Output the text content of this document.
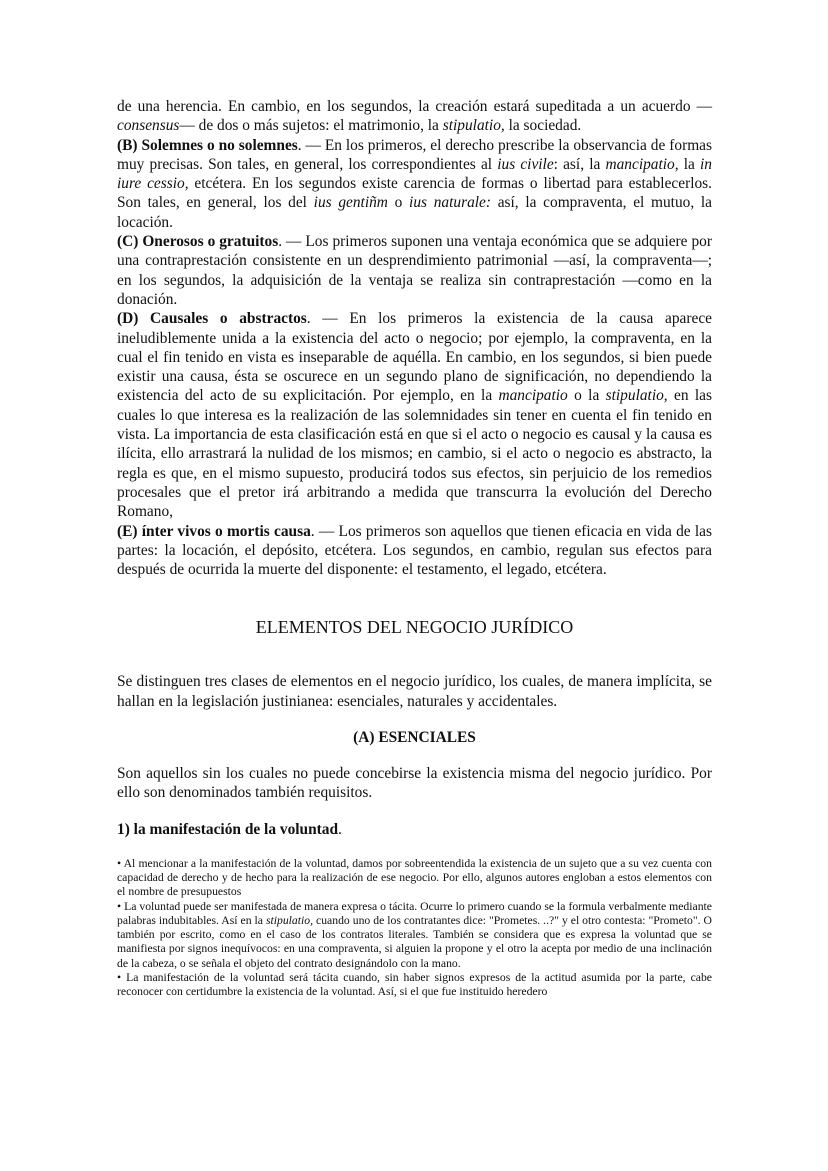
de una herencia. En cambio, en los segundos, la creación estará supeditada a un acuerdo —consensus— de dos o más sujetos: el matrimonio, la stipulatio, la sociedad.

(B) Solemnes o no solemnes. — En los primeros, el derecho prescribe la observancia de formas muy precisas. Son tales, en general, los correspondientes al ius civile: así, la mancipatio, la in iure cessio, etcétera. En los segundos existe carencia de formas o libertad para establecerlos. Son tales, en general, los del ius gentiñm o ius naturale: así, la compraventa, el mutuo, la locación.

(C) Onerosos o gratuitos. — Los primeros suponen una ventaja económica que se adquiere por una contraprestación consistente en un desprendimiento patrimonial —así, la compraventa—; en los segundos, la adquisición de la ventaja se realiza sin contraprestación —como en la donación.

(D) Causales o abstractos. — En los primeros la existencia de la causa aparece ineludiblemente unida a la existencia del acto o negocio; por ejemplo, la compraventa, en la cual el fin tenido en vista es inseparable de aquélla. En cambio, en los segundos, si bien puede existir una causa, ésta se oscurece en un segundo plano de significación, no dependiendo la existencia del acto de su explicitación. Por ejemplo, en la mancipatio o la stipulatio, en las cuales lo que interesa es la realización de las solemnidades sin tener en cuenta el fin tenido en vista. La importancia de esta clasificación está en que si el acto o negocio es causal y la causa es ilícita, ello arrastrará la nulidad de los mismos; en cambio, si el acto o negocio es abstracto, la regla es que, en el mismo supuesto, producirá todos sus efectos, sin perjuicio de los remedios procesales que el pretor irá arbitrando a medida que transcurra la evolución del Derecho Romano,

(E) ínter vivos o mortis causa. — Los primeros son aquellos que tienen eficacia en vida de las partes: la locación, el depósito, etcétera. Los segundos, en cambio, regulan sus efectos para después de ocurrida la muerte del disponente: el testamento, el legado, etcétera.

ELEMENTOS DEL NEGOCIO JURÍDICO

Se distinguen tres clases de elementos en el negocio jurídico, los cuales, de manera implícita, se hallan en la legislación justinianea: esenciales, naturales y accidentales.

(A) ESENCIALES

Son aquellos sin los cuales no puede concebirse la existencia misma del negocio jurídico. Por ello son denominados también requisitos.

1) la manifestación de la voluntad.

• Al mencionar a la manifestación de la voluntad, damos por sobreentendida la existencia de un sujeto que a su vez cuenta con capacidad de derecho y de hecho para la realización de ese negocio. Por ello, algunos autores engloban a estos elementos con el nombre de presupuestos

• La voluntad puede ser manifestada de manera expresa o tácita. Ocurre lo primero cuando se la formula verbalmente mediante palabras indubitables. Así en la stipulatio, cuando uno de los contratantes dice: "Prometes. ..?" y el otro contesta: "Prometo". O también por escrito, como en el caso de los contratos literales. También se considera que es expresa la voluntad que se manifiesta por signos inequívocos: en una compraventa, si alguien la propone y el otro la acepta por medio de una inclinación de la cabeza, o se señala el objeto del contrato designándolo con la mano.

• La manifestación de la voluntad será tácita cuando, sin haber signos expresos de la actitud asumida por la parte, cabe reconocer con certidumbre la existencia de la voluntad. Así, si el que fue instituido heredero
